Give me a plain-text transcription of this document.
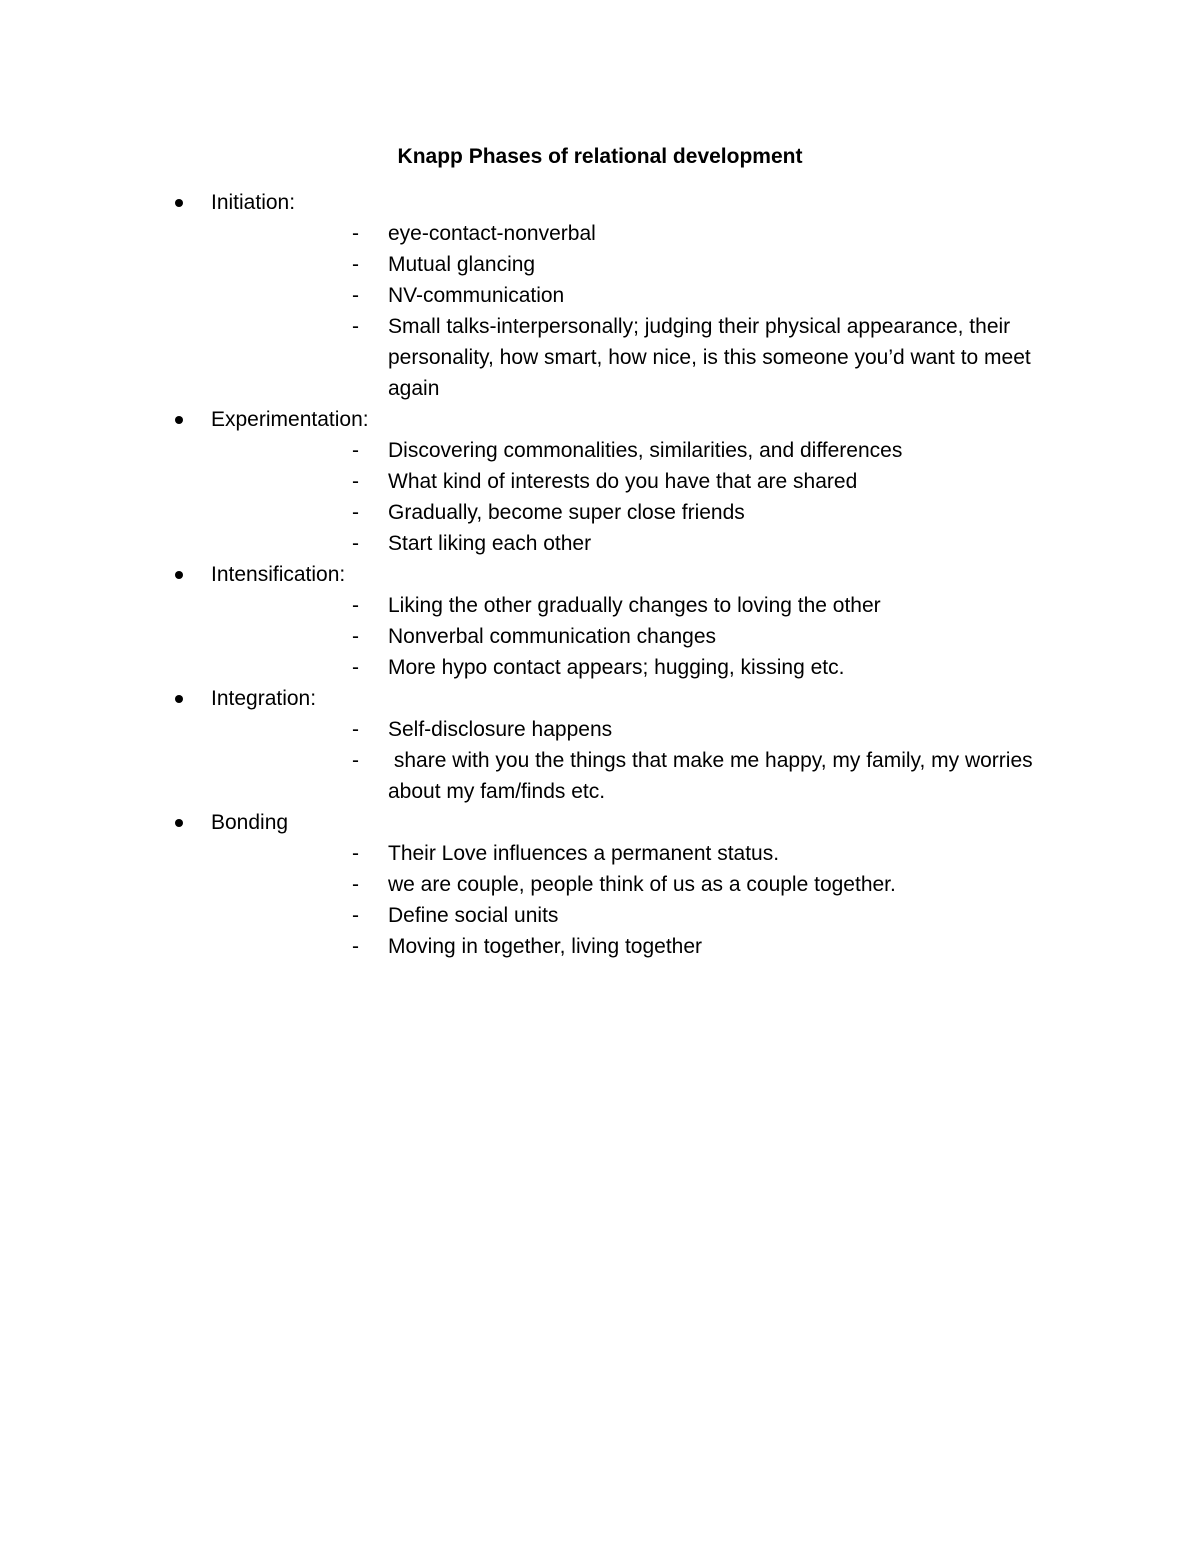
Knapp Phases of relational development
Initiation:
- eye-contact-nonverbal
- Mutual glancing
- NV-communication
- Small talks-interpersonally; judging their physical appearance, their personality, how smart, how nice, is this someone you’d want to meet again
Experimentation:
- Discovering commonalities, similarities, and differences
- What kind of interests do you have that are shared
- Gradually, become super close friends
- Start liking each other
Intensification:
- Liking the other gradually changes to loving the other
- Nonverbal communication changes
- More hypo contact appears; hugging, kissing etc.
Integration:
- Self-disclosure happens
- share with you the things that make me happy, my family, my worries about my fam/finds etc.
Bonding
- Their Love influences a permanent status.
- we are couple, people think of us as a couple together.
- Define social units
- Moving in together, living together
